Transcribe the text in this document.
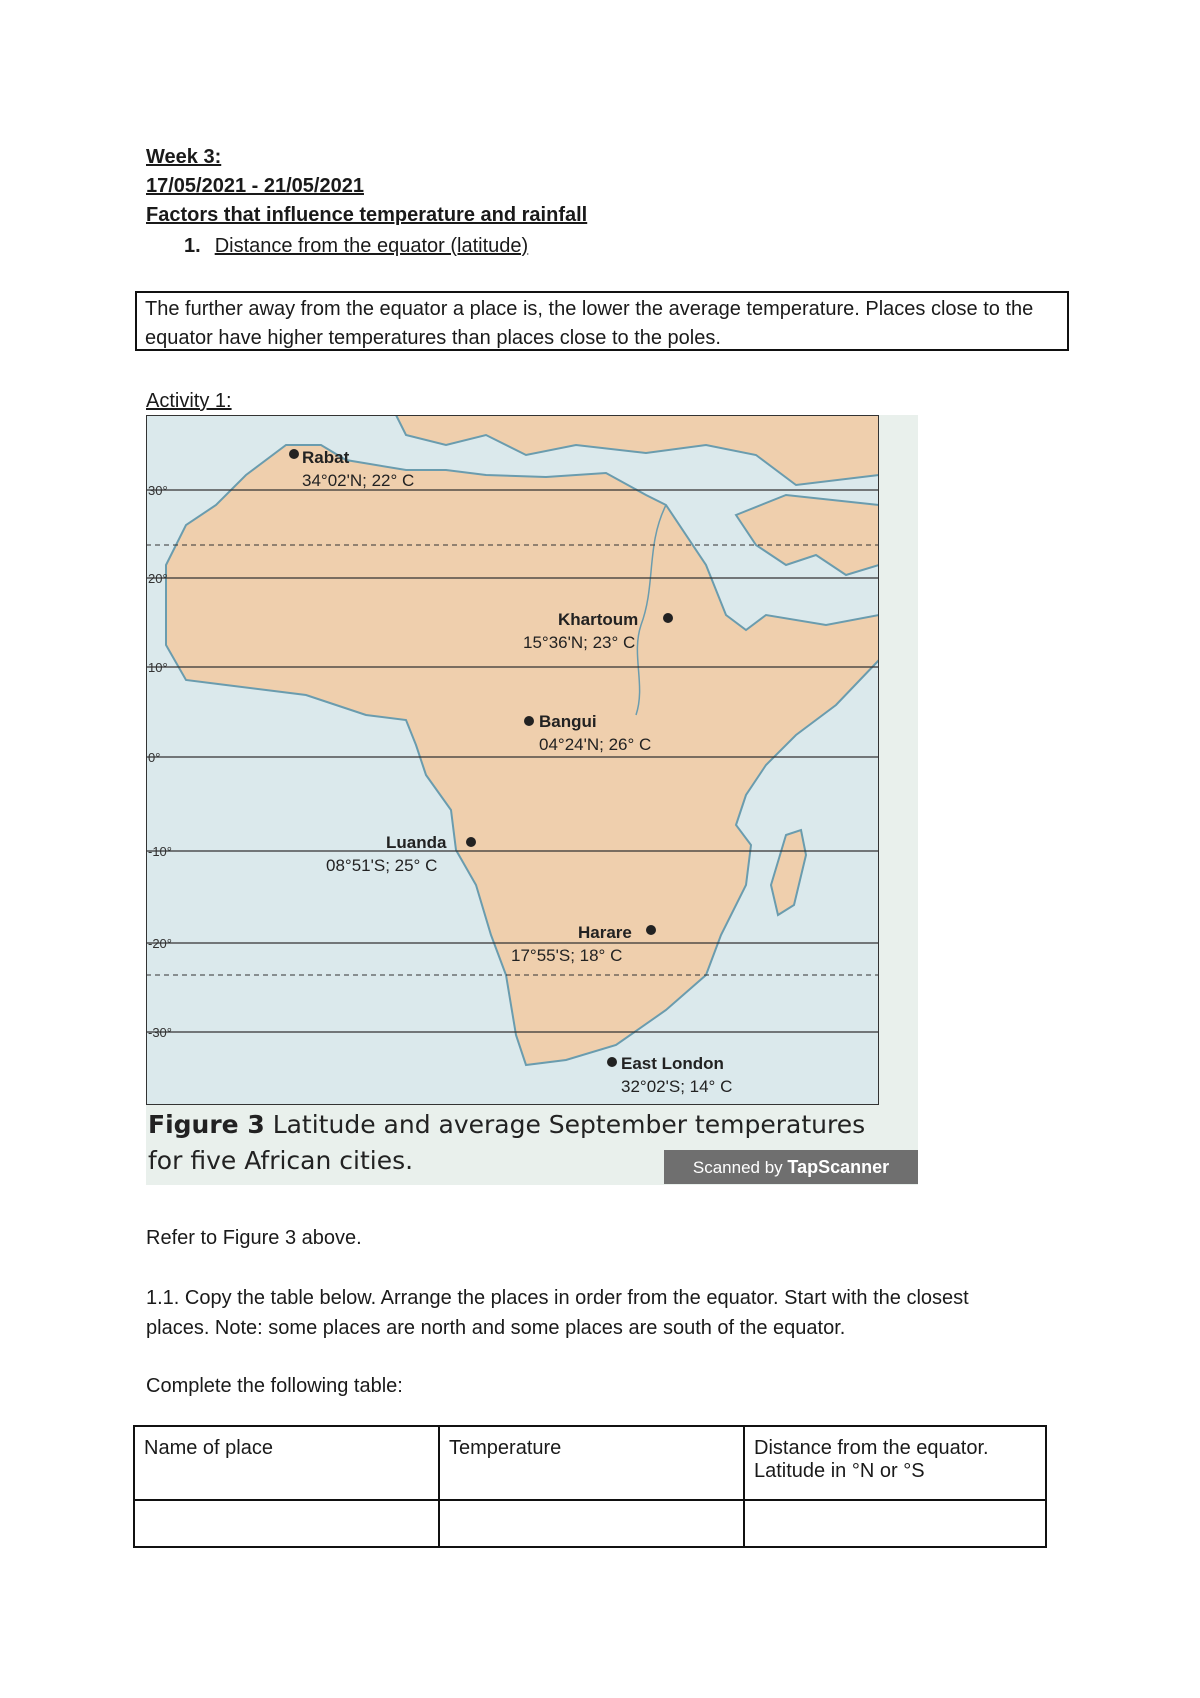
Week 3:
17/05/2021 - 21/05/2021
Factors that influence temperature and rainfall
1. Distance from the equator (latitude)
The further away from the equator a place is, the lower the average temperature. Places close to the equator have higher temperatures than places close to the poles.
Activity 1:
30°
20°
10°
0°
-10°
-20°
-30°
Rabat
34°02'N; 22° C
Khartoum
15°36'N; 23° C
Bangui
04°24'N; 26° C
Luanda
08°51'S; 25° C
Harare
17°55'S; 18° C
East London
32°02'S; 14° C
Figure 3 Latitude and average September temperatures
for five African cities.	Scanned by TapScanner
Refer to Figure 3 above.
1.1. Copy the table below. Arrange the places in order from the equator. Start with the closest places. Note: some places are north and some places are south of the equator.
Complete the following table:
Name of place	Temperature	Distance from the equator. Latitude in °N or °S
